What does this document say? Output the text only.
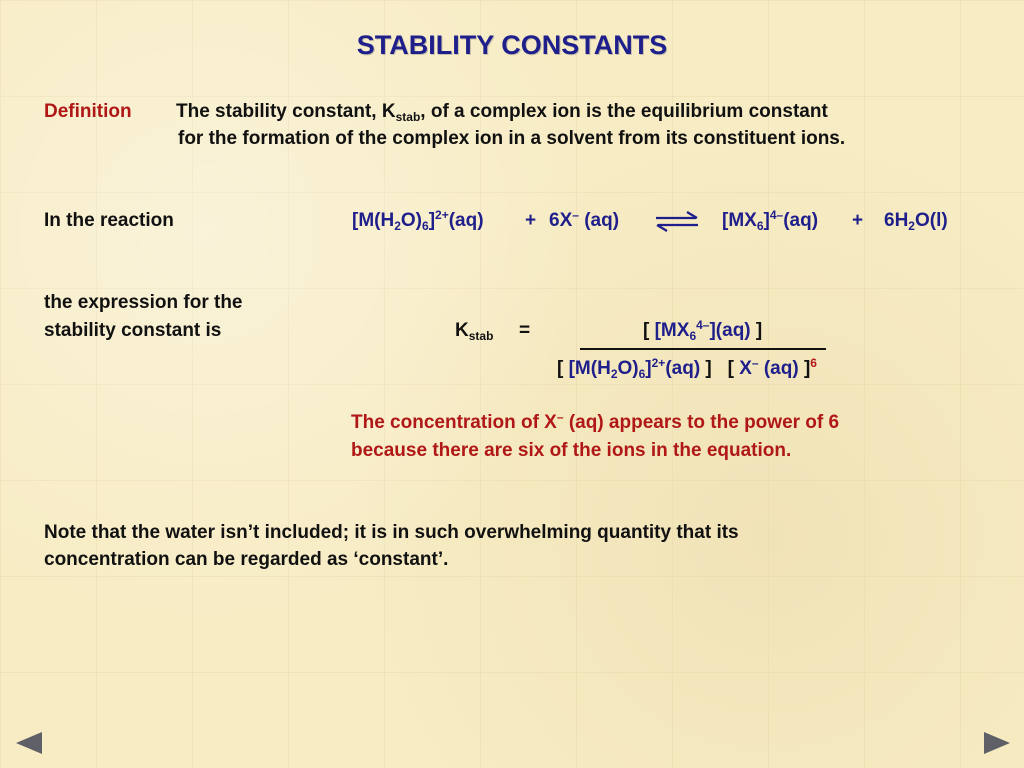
STABILITY CONSTANTS
Definition The stability constant, $K_{stab}$, of a complex ion is the equilibrium constant
for the formation of the complex ion in a solvent from its constituent ions.
In the reaction	$[M(H_2O)_6]^{2+}(aq) + 6X^-$ (aq) ⇌ $[MX_6]^{4-}(aq) + 6H_2O(l)$
the expression for the
stability constant is	$K_{stab}$ =	[ $[MX_6^{4-}](aq)$ ]
[ $[M(H_2O)_6]^{2+}(aq)$ ] [ X– (aq) ]$^6$
The concentration of X– (aq) appears to the power of 6
because there are six of the ions in the equation.
Note that the water isn’t included; it is in such overwhelming quantity that its
concentration can be regarded as ‘constant’.
